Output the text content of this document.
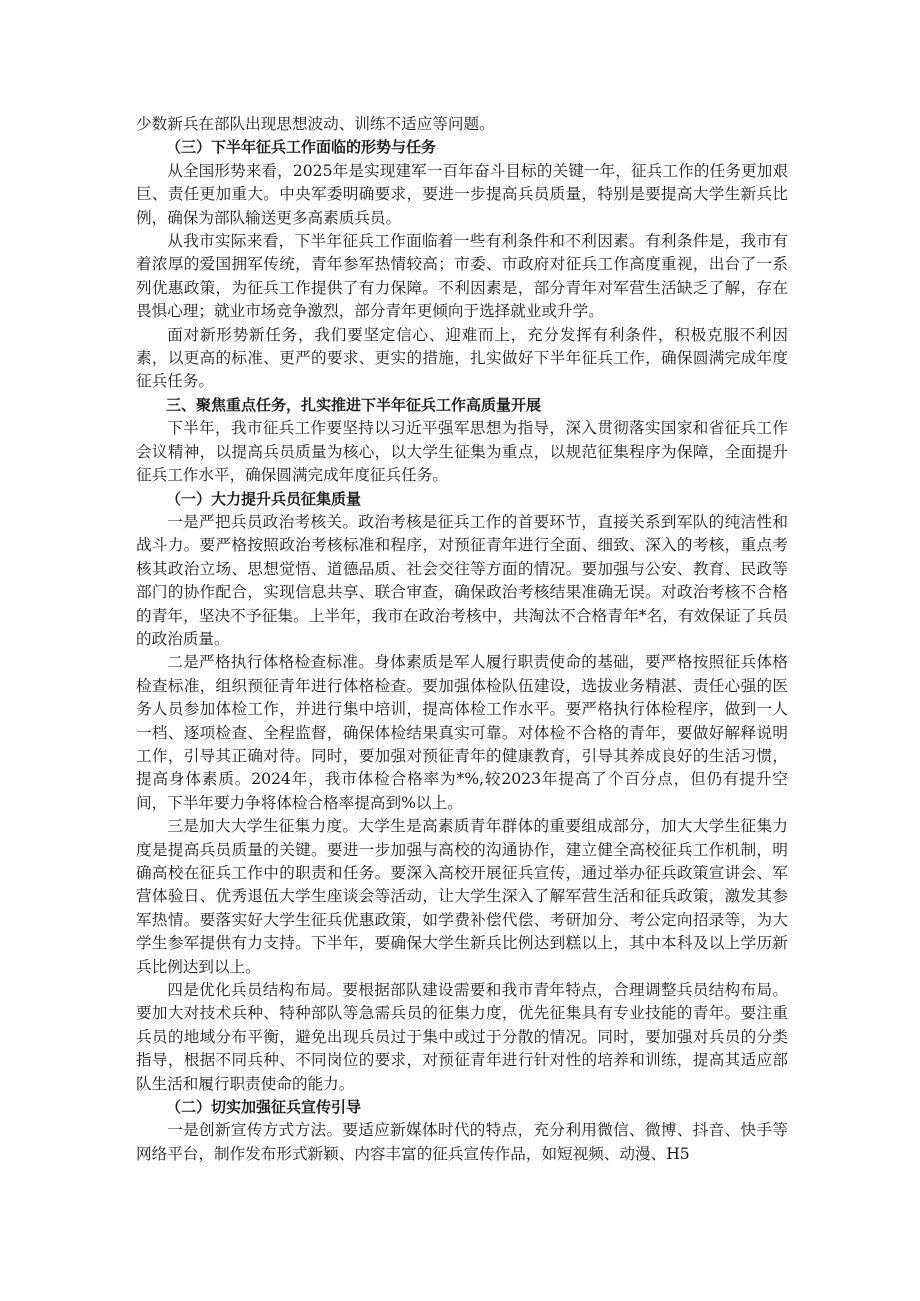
少数新兵在部队出现思想波动、训练不适应等问题。

（三）下半年征兵工作面临的形势与任务

从全国形势来看，2025年是实现建军一百年奋斗目标的关键一年，征兵工作的任务更加艰巨、责任更加重大。中央军委明确要求，要进一步提高兵员质量，特别是要提高大学生新兵比例，确保为部队输送更多高素质兵员。

从我市实际来看，下半年征兵工作面临着一些有利条件和不利因素。有利条件是，我市有着浓厚的爱国拥军传统，青年参军热情较高；市委、市政府对征兵工作高度重视，出台了一系列优惠政策，为征兵工作提供了有力保障。不利因素是，部分青年对军营生活缺乏了解，存在畏惧心理；就业市场竞争激烈，部分青年更倾向于选择就业或升学。

面对新形势新任务，我们要坚定信心、迎难而上，充分发挥有利条件，积极克服不利因素，以更高的标准、更严的要求、更实的措施，扎实做好下半年征兵工作，确保圆满完成年度征兵任务。

三、聚焦重点任务，扎实推进下半年征兵工作高质量开展

下半年，我市征兵工作要坚持以习近平强军思想为指导，深入贯彻落实国家和省征兵工作会议精神，以提高兵员质量为核心，以大学生征集为重点，以规范征集程序为保障，全面提升征兵工作水平，确保圆满完成年度征兵任务。

（一）大力提升兵员征集质量

一是严把兵员政治考核关。政治考核是征兵工作的首要环节，直接关系到军队的纯洁性和战斗力。要严格按照政治考核标准和程序，对预征青年进行全面、细致、深入的考核，重点考核其政治立场、思想觉悟、道德品质、社会交往等方面的情况。要加强与公安、教育、民政等部门的协作配合，实现信息共享、联合审查，确保政治考核结果准确无误。对政治考核不合格的青年，坚决不予征集。上半年，我市在政治考核中，共淘汰不合格青年*名，有效保证了兵员的政治质量。

二是严格执行体格检查标准。身体素质是军人履行职责使命的基础，要严格按照征兵体格检查标准，组织预征青年进行体格检查。要加强体检队伍建设，选拔业务精湛、责任心强的医务人员参加体检工作，并进行集中培训，提高体检工作水平。要严格执行体检程序，做到一人一档、逐项检查、全程监督，确保体检结果真实可靠。对体检不合格的青年，要做好解释说明工作，引导其正确对待。同时，要加强对预征青年的健康教育，引导其养成良好的生活习惯，提高身体素质。2024年，我市体检合格率为*%,较2023年提高了个百分点，但仍有提升空间，下半年要力争将体检合格率提高到%以上。

三是加大大学生征集力度。大学生是高素质青年群体的重要组成部分，加大大学生征集力度是提高兵员质量的关键。要进一步加强与高校的沟通协作，建立健全高校征兵工作机制，明确高校在征兵工作中的职责和任务。要深入高校开展征兵宣传，通过举办征兵政策宣讲会、军营体验日、优秀退伍大学生座谈会等活动，让大学生深入了解军营生活和征兵政策，激发其参军热情。要落实好大学生征兵优惠政策，如学费补偿代偿、考研加分、考公定向招录等，为大学生参军提供有力支持。下半年，要确保大学生新兵比例达到糕以上，其中本科及以上学历新兵比例达到以上。

四是优化兵员结构布局。要根据部队建设需要和我市青年特点，合理调整兵员结构布局。要加大对技术兵种、特种部队等急需兵员的征集力度，优先征集具有专业技能的青年。要注重兵员的地域分布平衡，避免出现兵员过于集中或过于分散的情况。同时，要加强对兵员的分类指导，根据不同兵种、不同岗位的要求，对预征青年进行针对性的培养和训练，提高其适应部队生活和履行职责使命的能力。

（二）切实加强征兵宣传引导

一是创新宣传方式方法。要适应新媒体时代的特点，充分利用微信、微博、抖音、快手等网络平台，制作发布形式新颖、内容丰富的征兵宣传作品，如短视频、动漫、H5
